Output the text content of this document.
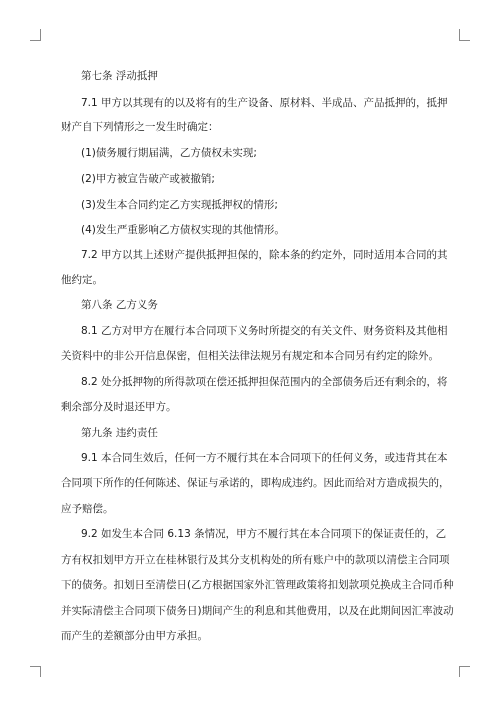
第七条 浮动抵押
7.1 甲方以其现有的以及将有的生产设备、原材料、半成品、产品抵押的，抵押
财产自下列情形之一发生时确定：
(1)债务履行期届满，乙方债权未实现;
(2)甲方被宣告破产或被撤销;
(3)发生本合同约定乙方实现抵押权的情形;
(4)发生严重影响乙方债权实现的其他情形。
7.2 甲方以其上述财产提供抵押担保的，除本条的约定外，同时适用本合同的其
他约定。
第八条 乙方义务
8.1 乙方对甲方在履行本合同项下义务时所提交的有关文件、财务资料及其他相
关资料中的非公开信息保密，但相关法律法规另有规定和本合同另有约定的除外。
8.2 处分抵押物的所得款项在偿还抵押担保范围内的全部债务后还有剩余的，将
剩余部分及时退还甲方。
第九条 违约责任
9.1 本合同生效后，任何一方不履行其在本合同项下的任何义务，或违背其在本
合同项下所作的任何陈述、保证与承诺的，即构成违约。因此而给对方造成损失的，
应予赔偿。
9.2 如发生本合同 6.13 条情况，甲方不履行其在本合同项下的保证责任的，乙
方有权扣划甲方开立在桂林银行及其分支机构处的所有账户中的款项以清偿主合同项
下的债务。扣划日至清偿日(乙方根据国家外汇管理政策将扣划款项兑换成主合同币种
并实际清偿主合同项下债务日)期间产生的利息和其他费用，以及在此期间因汇率波动
而产生的差额部分由甲方承担。
